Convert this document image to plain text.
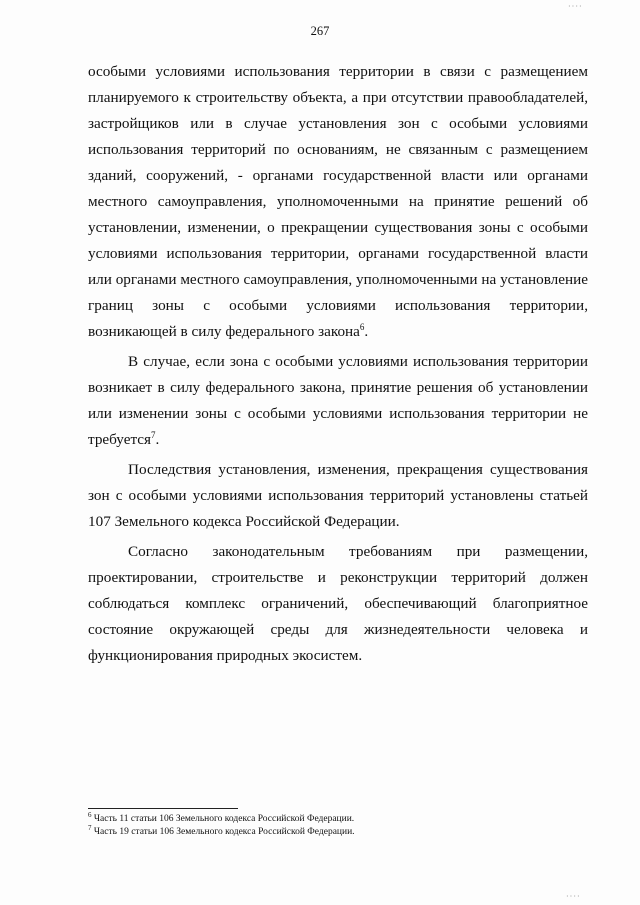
267

особыми условиями использования территории в связи с размещением планируемого к строительству объекта, а при отсутствии правообладателей, застройщиков или в случае установления зон с особыми условиями использования территорий по основаниям, не связанным с размещением зданий, сооружений, - органами государственной власти или органами местного самоуправления, уполномоченными на принятие решений об установлении, изменении, о прекращении существования зоны с особыми условиями использования территории, органами государственной власти или органами местного самоуправления, уполномоченными на установление границ зоны с особыми условиями использования территории, возникающей в силу федерального закона$^6$.

В случае, если зона с особыми условиями использования территории возникает в силу федерального закона, принятие решения об установлении или изменении зоны с особыми условиями использования территории не требуется$^7$.

Последствия установления, изменения, прекращения существования зон с особыми условиями использования территорий установлены статьей 107 Земельного кодекса Российской Федерации.

Согласно законодательным требованиям при размещении, проектировании, строительстве и реконструкции территорий должен соблюдаться комплекс ограничений, обеспечивающий благоприятное состояние окружающей среды для жизнедеятельности человека и функционирования природных экосистем.

$^6$ Часть 11 статьи 106 Земельного кодекса Российской Федерации.
$^7$ Часть 19 статьи 106 Земельного кодекса Российской Федерации.
····
····
